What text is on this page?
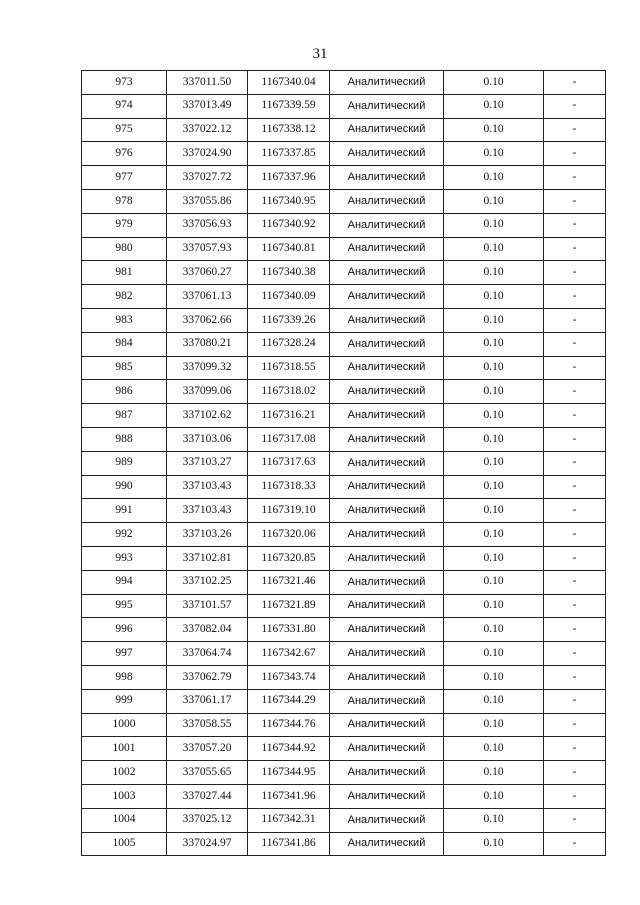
31
973	337011.50	1167340.04	Аналитический	0.10	-
974	337013.49	1167339.59	Аналитический	0.10	-
975	337022.12	1167338.12	Аналитический	0.10	-
976	337024.90	1167337.85	Аналитический	0.10	-
977	337027.72	1167337.96	Аналитический	0.10	-
978	337055.86	1167340.95	Аналитический	0.10	-
979	337056.93	1167340.92	Аналитический	0.10	-
980	337057.93	1167340.81	Аналитический	0.10	-
981	337060.27	1167340.38	Аналитический	0.10	-
982	337061.13	1167340.09	Аналитический	0.10	-
983	337062.66	1167339.26	Аналитический	0.10	-
984	337080.21	1167328.24	Аналитический	0.10	-
985	337099.32	1167318.55	Аналитический	0.10	-
986	337099.06	1167318.02	Аналитический	0.10	-
987	337102.62	1167316.21	Аналитический	0.10	-
988	337103.06	1167317.08	Аналитический	0.10	-
989	337103.27	1167317.63	Аналитический	0.10	-
990	337103.43	1167318.33	Аналитический	0.10	-
991	337103.43	1167319.10	Аналитический	0.10	-
992	337103.26	1167320.06	Аналитический	0.10	-
993	337102.81	1167320.85	Аналитический	0.10	-
994	337102.25	1167321.46	Аналитический	0.10	-
995	337101.57	1167321.89	Аналитический	0.10	-
996	337082.04	1167331.80	Аналитический	0.10	-
997	337064.74	1167342.67	Аналитический	0.10	-
998	337062.79	1167343.74	Аналитический	0.10	-
999	337061.17	1167344.29	Аналитический	0.10	-
1000	337058.55	1167344.76	Аналитический	0.10	-
1001	337057.20	1167344.92	Аналитический	0.10	-
1002	337055.65	1167344.95	Аналитический	0.10	-
1003	337027.44	1167341.96	Аналитический	0.10	-
1004	337025.12	1167342.31	Аналитический	0.10	-
1005	337024.97	1167341.86	Аналитический	0.10	-
